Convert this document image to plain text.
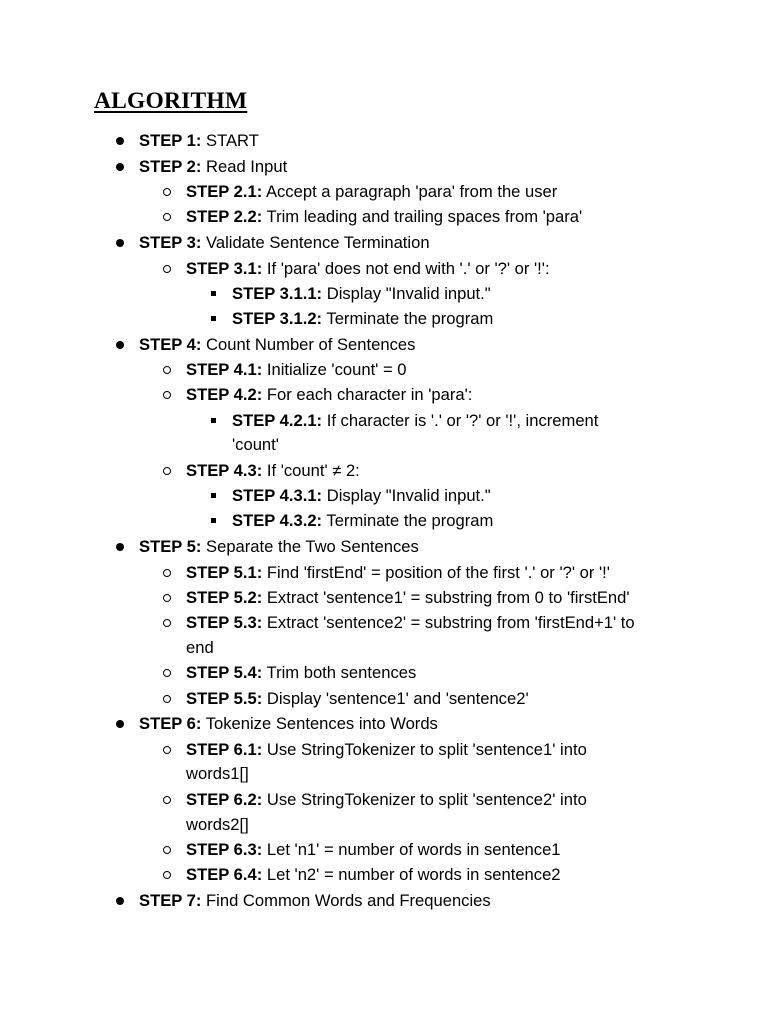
ALGORITHM
STEP 1: START
STEP 2: Read Input
STEP 2.1: Accept a paragraph 'para' from the user
STEP 2.2: Trim leading and trailing spaces from 'para'
STEP 3: Validate Sentence Termination
STEP 3.1: If 'para' does not end with '.' or '?' or '!':
STEP 3.1.1: Display "Invalid input."
STEP 3.1.2: Terminate the program
STEP 4: Count Number of Sentences
STEP 4.1: Initialize 'count' = 0
STEP 4.2: For each character in 'para':
STEP 4.2.1: If character is '.' or '?' or '!', increment
'count'
STEP 4.3: If 'count' ≠ 2:
STEP 4.3.1: Display "Invalid input."
STEP 4.3.2: Terminate the program
STEP 5: Separate the Two Sentences
STEP 5.1: Find 'firstEnd' = position of the first '.' or '?' or '!'
STEP 5.2: Extract 'sentence1' = substring from 0 to 'firstEnd'
STEP 5.3: Extract 'sentence2' = substring from 'firstEnd+1' to
end
STEP 5.4: Trim both sentences
STEP 5.5: Display 'sentence1' and 'sentence2'
STEP 6: Tokenize Sentences into Words
STEP 6.1: Use StringTokenizer to split 'sentence1' into
words1[]
STEP 6.2: Use StringTokenizer to split 'sentence2' into
words2[]
STEP 6.3: Let 'n1' = number of words in sentence1
STEP 6.4: Let 'n2' = number of words in sentence2
STEP 7: Find Common Words and Frequencies
